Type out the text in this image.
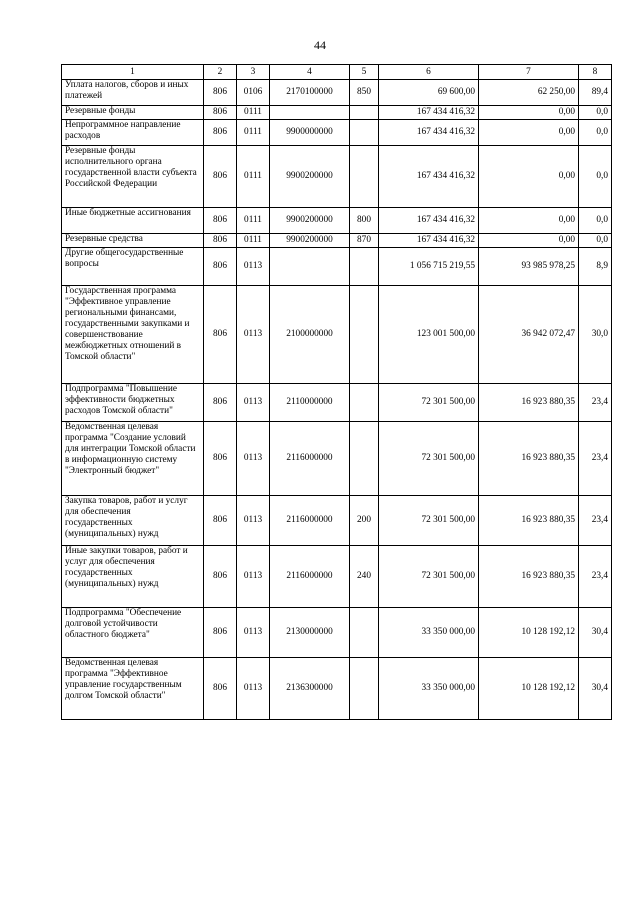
44
1	2	3	4	5	6	7	8
Уплата налогов, сборов и иных платежей	806	0106	2170100000	850	69 600,00	62 250,00	89,4
Резервные фонды	806	0111			167 434 416,32	0,00	0,0
Непрограммное направление расходов	806	0111	9900000000		167 434 416,32	0,00	0,0
Резервные фонды исполнительного органа государственной власти субъекта Российской Федерации	806	0111	9900200000		167 434 416,32	0,00	0,0
Иные бюджетные ассигнования	806	0111	9900200000	800	167 434 416,32	0,00	0,0
Резервные средства	806	0111	9900200000	870	167 434 416,32	0,00	0,0
Другие общегосударственные вопросы	806	0113			1 056 715 219,55	93 985 978,25	8,9
Государственная программа "Эффективное управление региональными финансами, государственными закупками и совершенствование межбюджетных отношений в Томской области"	806	0113	2100000000		123 001 500,00	36 942 072,47	30,0
Подпрограмма "Повышение эффективности бюджетных расходов Томской области"	806	0113	2110000000		72 301 500,00	16 923 880,35	23,4
Ведомственная целевая программа "Создание условий для интеграции Томской области в информационную систему "Электронный бюджет"	806	0113	2116000000		72 301 500,00	16 923 880,35	23,4
Закупка товаров, работ и услуг для обеспечения государственных (муниципальных) нужд	806	0113	2116000000	200	72 301 500,00	16 923 880,35	23,4
Иные закупки товаров, работ и услуг для обеспечения государственных (муниципальных) нужд	806	0113	2116000000	240	72 301 500,00	16 923 880,35	23,4
Подпрограмма "Обеспечение долговой устойчивости областного бюджета"	806	0113	2130000000		33 350 000,00	10 128 192,12	30,4
Ведомственная целевая программа "Эффективное управление государственным долгом Томской области"	806	0113	2136300000		33 350 000,00	10 128 192,12	30,4
